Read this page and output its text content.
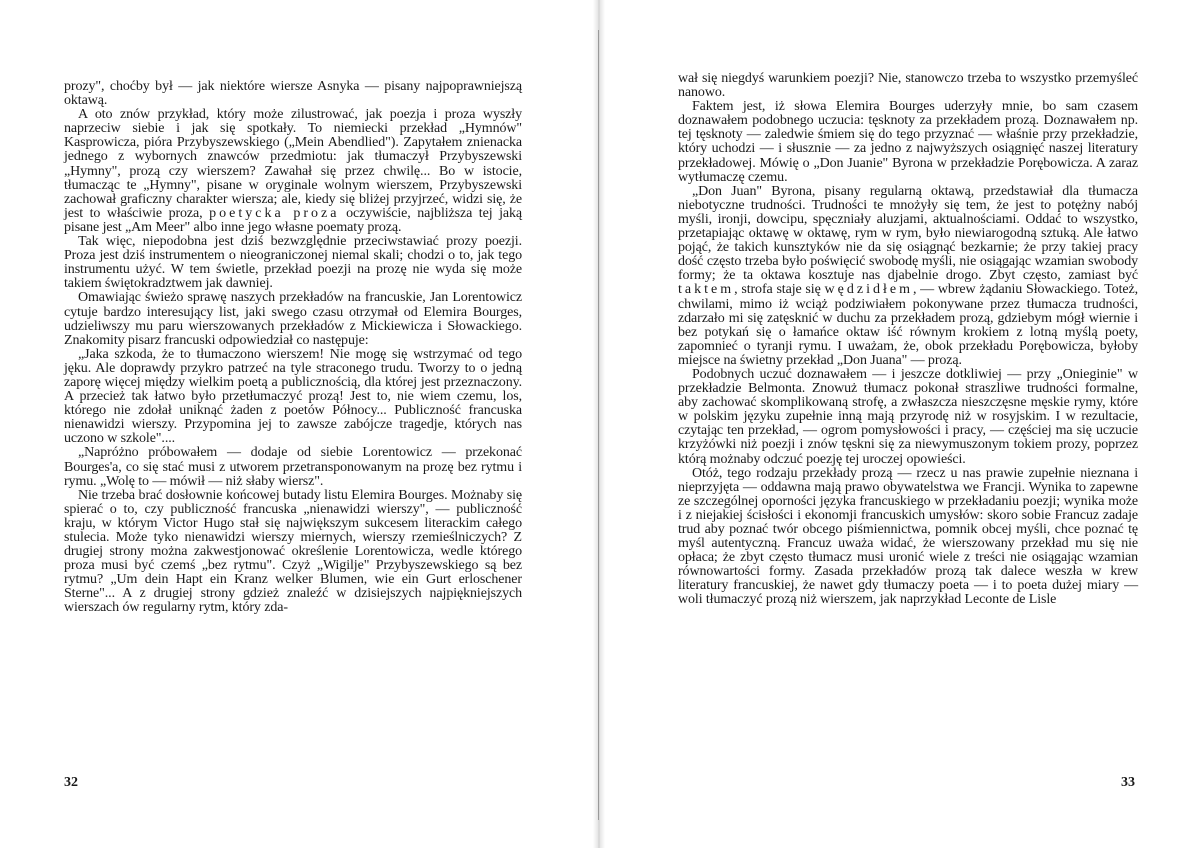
prozy", choćby był — jak niektóre wiersze Asnyka — pisany najpoprawniejszą oktawą.

A oto znów przykład, który może zilustrować, jak poezja i proza wyszły naprzeciw siebie i jak się spotkały. To niemiecki przekład „Hymnów" Kasprowicza, pióra Przybyszewskiego („Mein Abendlied"). Zapytałem znienacka jednego z wybornych znawców przedmiotu: jak tłumaczył Przybyszewski „Hymny", prozą czy wierszem? Zawahał się przez chwilę... Bo w istocie, tłumacząc te „Hymny", pisane w oryginale wolnym wierszem, Przybyszewski zachował graficzny charakter wiersza; ale, kiedy się bliżej przyjrzeć, widzi się, że jest to właściwie proza, poetycka proza oczywiście, najbliższa tej jaką pisane jest „Am Meer" albo inne jego własne poematy prozą.

Tak więc, niepodobna jest dziś bezwzględnie przeciwstawiać prozy poezji. Proza jest dziś instrumentem o nieograniczonej niemal skali; chodzi o to, jak tego instrumentu użyć. W tem świetle, przekład poezji na prozę nie wyda się może takiem świętokradztwem jak dawniej.

Omawiając świeżo sprawę naszych przekładów na francuskie, Jan Lorentowicz cytuje bardzo interesujący list, jaki swego czasu otrzymał od Elemira Bourges, udzieliwszy mu paru wierszowanych przekładów z Mickiewicza i Słowackiego. Znakomity pisarz francuski odpowiedział co następuje:

„Jaka szkoda, że to tłumaczono wierszem! Nie mogę się wstrzymać od tego jęku. Ale doprawdy przykro patrzeć na tyle straconego trudu. Tworzy to o jedną zaporę więcej między wielkim poetą a publicznością, dla której jest przeznaczony. A przecież tak łatwo było przetłumaczyć prozą! Jest to, nie wiem czemu, los, którego nie zdołał uniknąć żaden z poetów Północy... Publiczność francuska nienawidzi wierszy. Przypomina jej to zawsze zabójcze tragedje, których nas uczono w szkole"....

„Napróżno próbowałem — dodaje od siebie Lorentowicz — przekonać Bourges'a, co się stać musi z utworem przetransponowanym na prozę bez rytmu i rymu. „Wolę to — mówił — niż słaby wiersz".

Nie trzeba brać dosłownie końcowej butady listu Elemira Bourges. Możnaby się spierać o to, czy publiczność francuska „nienawidzi wierszy", — publiczność kraju, w którym Victor Hugo stał się największym sukcesem literackim całego stulecia. Może tyko nienawidzi wierszy miernych, wierszy rzemieślniczych? Z drugiej strony można zakwestjonować określenie Lorentowicza, wedle którego proza musi być czemś „bez rytmu". Czyż „Wigilje" Przybyszewskiego są bez rytmu? „Um dein Hapt ein Kranz welker Blumen, wie ein Gurt erloschener Sterne"... A z drugiej strony gdzież znaleźć w dzisiejszych najpiękniejszych wierszach ów regularny rytm, który zda-

32

wał się niegdyś warunkiem poezji? Nie, stanowczo trzeba to wszystko przemyśleć nanowo.

Faktem jest, iż słowa Elemira Bourges uderzyły mnie, bo sam czasem doznawałem podobnego uczucia: tęsknoty za przekładem prozą. Doznawałem np. tej tęsknoty — zaledwie śmiem się do tego przyznać — właśnie przy przekładzie, który uchodzi — i słusznie — za jedno z najwyższych osiągnięć naszej literatury przekładowej. Mówię o „Don Juanie" Byrona w przekładzie Porębowicza. A zaraz wytłumaczę czemu.

„Don Juan" Byrona, pisany regularną oktawą, przedstawiał dla tłumacza niebotyczne trudności. Trudności te mnożyły się tem, że jest to potężny nabój myśli, ironji, dowcipu, spęczniały aluzjami, aktualnościami. Oddać to wszystko, przetapiając oktawę w oktawę, rym w rym, było niewiarogodną sztuką. Ale łatwo pojąć, że takich kunsztyków nie da się osiągnąć bezkarnie; że przy takiej pracy dość często trzeba było poświęcić swobodę myśli, nie osiągając wzamian swobody formy; że ta oktawa kosztuje nas djabelnie drogo. Zbyt często, zamiast być taktem, strofa staje się wędzidłem, — wbrew żądaniu Słowackiego. Toteż, chwilami, mimo iż wciąż podziwiałem pokonywane przez tłumacza trudności, zdarzało mi się zatęsknić w duchu za przekładem prozą, gdziebym mógł wiernie i bez potykań się o łamańce oktaw iść równym krokiem z lotną myślą poety, zapomniеć o tyranji rymu. I uważam, że, obok przekładu Porębowicza, byłoby miejsce na świetny przekład „Don Juana" — prozą.

Podobnych uczuć doznawałem — i jeszcze dotkliwiej — przy „Onieginie" w przekładzie Belmonta. Znowuż tłumacz pokonał straszliwe trudności formalne, aby zachować skomplikowaną strofę, a zwłaszcza nieszczęsne męskie rymy, które w polskim języku zupełnie inną mają przyrodę niż w rosyjskim. I w rezultacie, czytając ten przekład, — ogrom pomysłowości i pracy, — częściej ma się uczucie krzyżówki niż poezji i znów tęskni się za niewymuszonym tokiem prozy, poprzez którą możnaby odczuć poezję tej uroczej opowieści.

Otóż, tego rodzaju przekłady prozą — rzecz u nas prawie zupełnie nieznana i nieprzyjęta — oddawna mają prawo obywatelstwa we Francji. Wynika to zapewne ze szczególnej oporności języka francuskiego w przekładaniu poezji; wynika może i z niejakiej ścisłości i ekonomji francuskich umysłów: skoro sobie Francuz zadaje trud aby poznać twór obcego piśmiennictwa, pomnik obcej myśli, chce poznać tę myśl autentyczną. Francuz uważa widać, że wierszowany przekład mu się nie opłaca; że zbyt często tłumacz musi uronić wiele z treści nie osiągając wzamian równowartości formy. Zasada przekładów prozą tak dalece weszła w krew literatury francuskiej, że nawet gdy tłumaczy poeta — i to poeta dużej miary — woli tłumaczyć prozą niż wierszem, jak naprzykład Leconte de Lisle

33
